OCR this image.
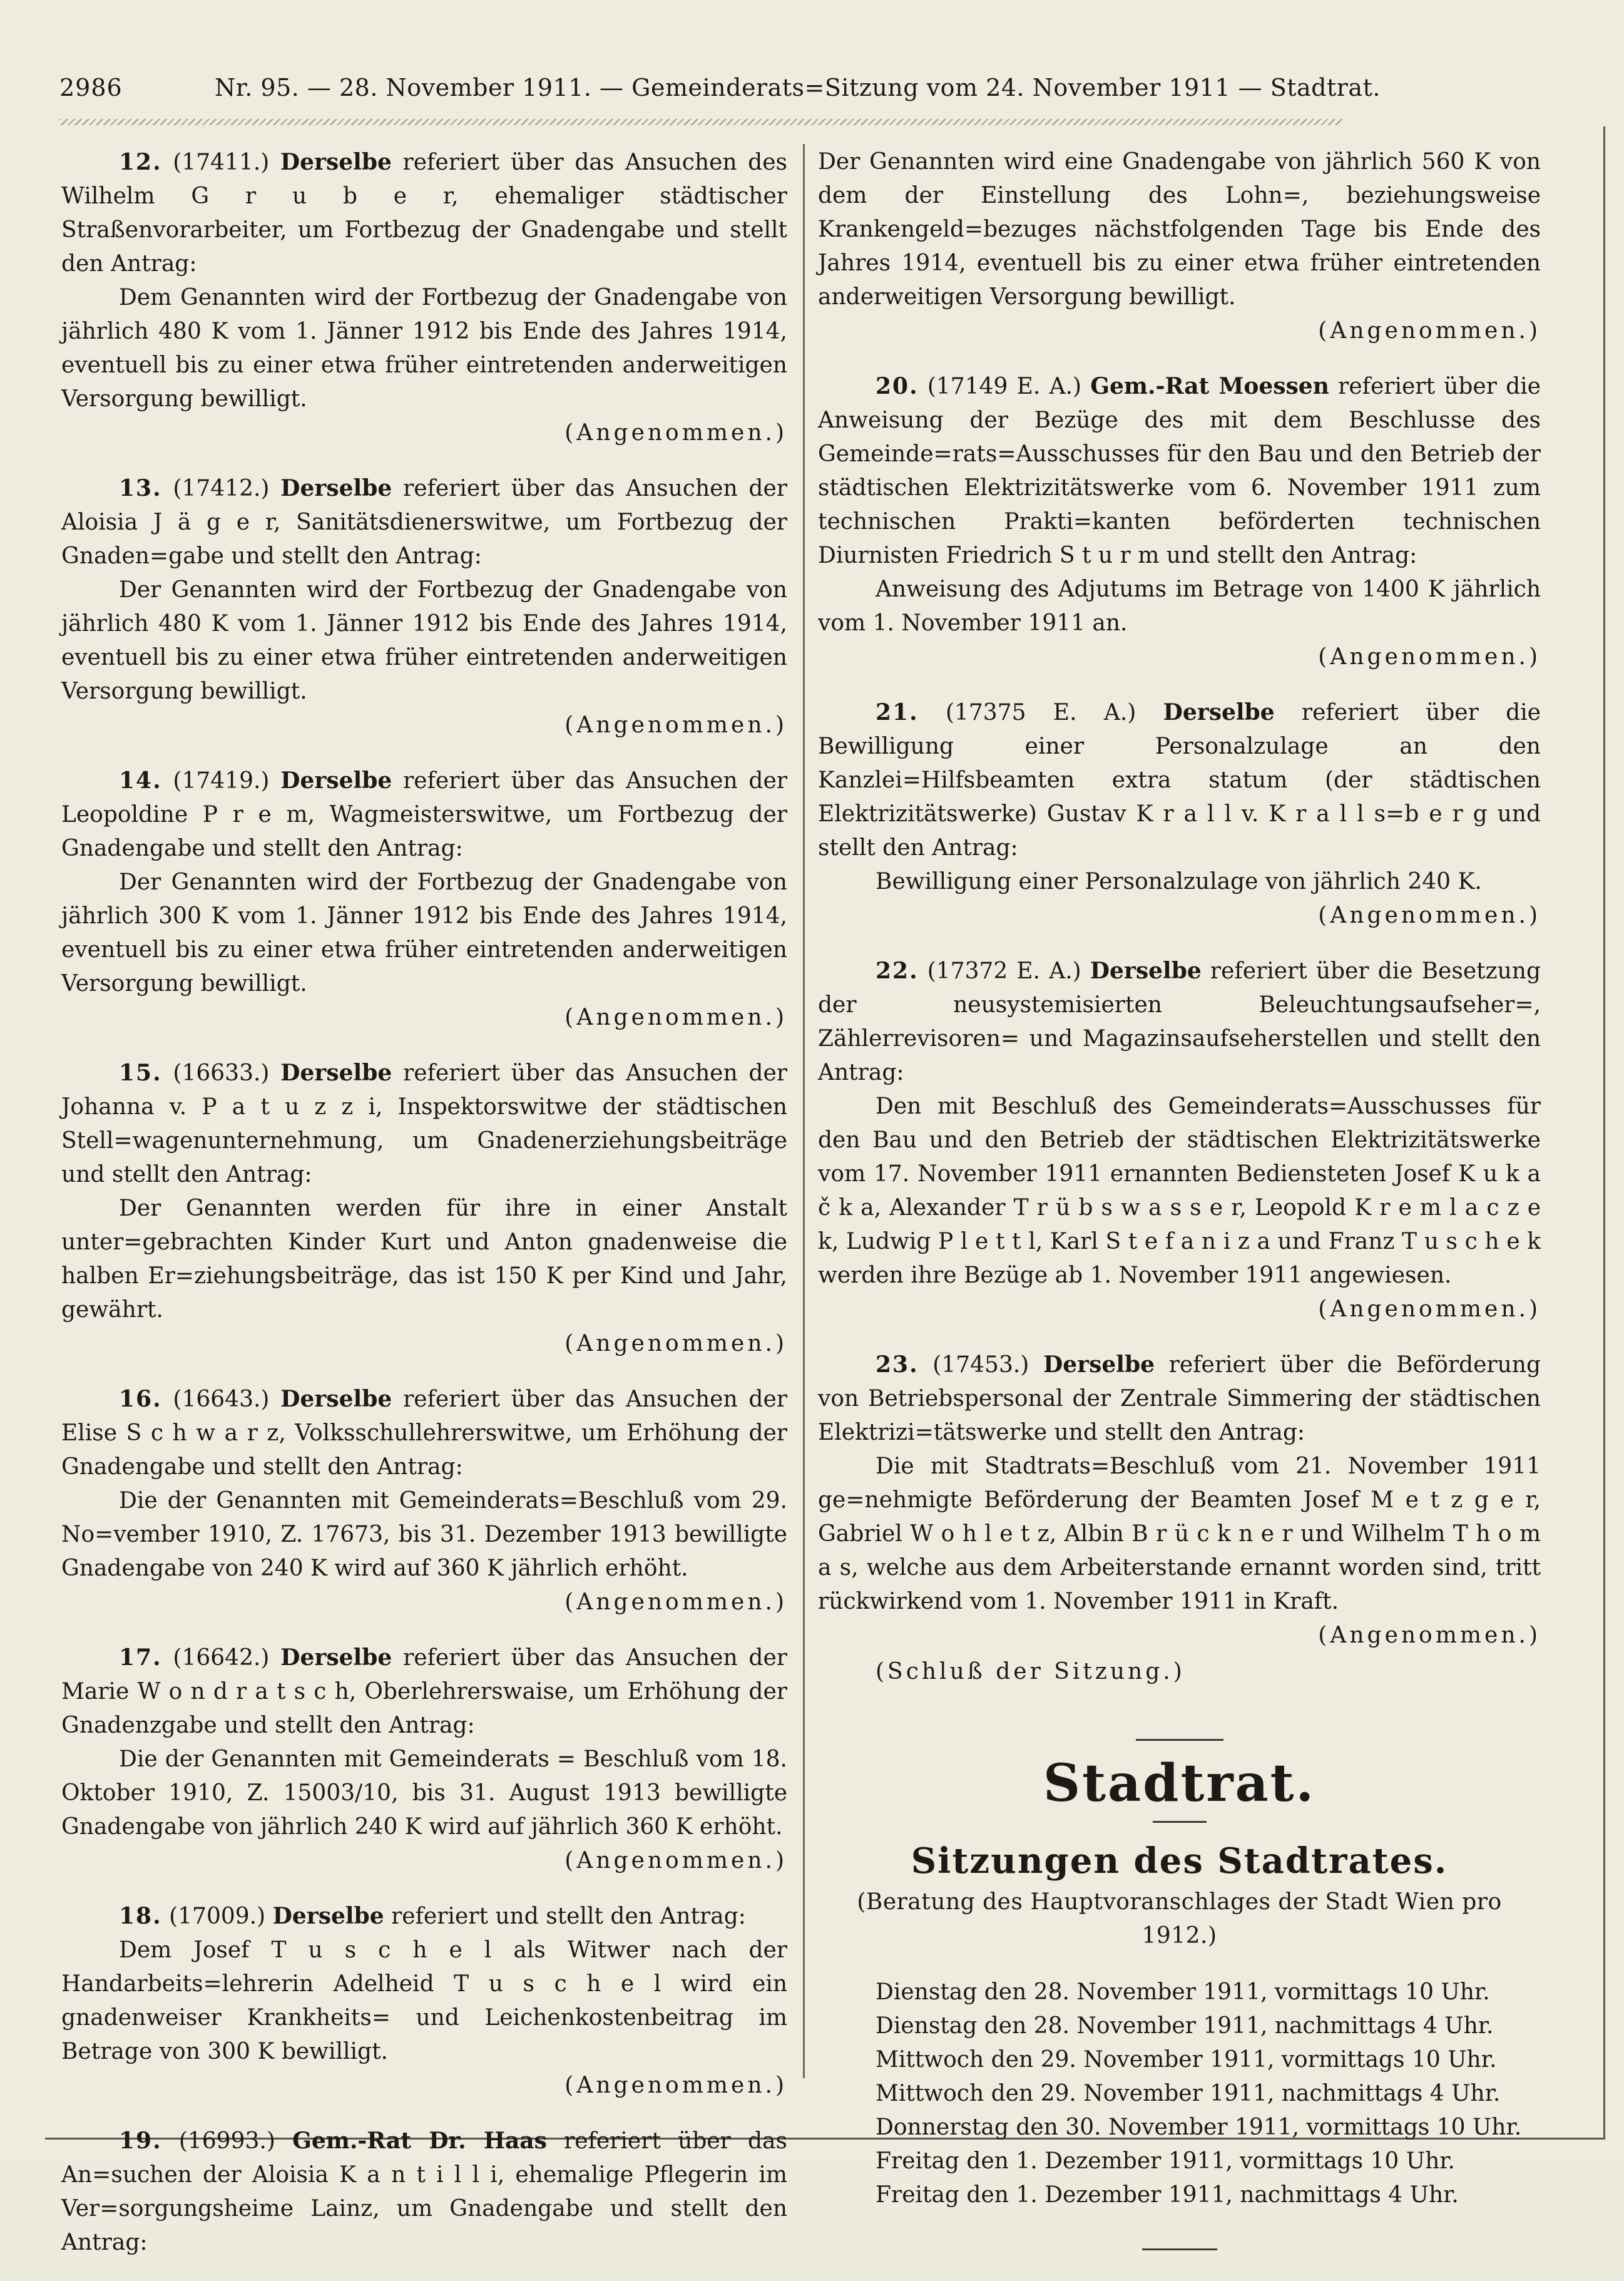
2986	Nr. 95. — 28. November 1911. — Gemeinderats=Sitzung vom 24. November 1911 — Stadtrat.

12. (17411.) Derselbe referiert über das Ansuchen des Wilhelm G r u b e r, ehemaliger städtischer Straßenvorarbeiter, um Fortbezug der Gnadengabe und stellt den Antrag:

Dem Genannten wird der Fortbezug der Gnadengabe von jährlich 480 K vom 1. Jänner 1912 bis Ende des Jahres 1914, eventuell bis zu einer etwa früher eintretenden anderweitigen Versorgung bewilligt.

(Angenommen.)

13. (17412.) Derselbe referiert über das Ansuchen der Aloisia J ä g e r, Sanitätsdienerswitwe, um Fortbezug der Gnaden=gabe und stellt den Antrag:

Der Genannten wird der Fortbezug der Gnadengabe von jährlich 480 K vom 1. Jänner 1912 bis Ende des Jahres 1914, eventuell bis zu einer etwa früher eintretenden anderweitigen Versorgung bewilligt.

(Angenommen.)

14. (17419.) Derselbe referiert über das Ansuchen der Leopoldine P r e m, Wagmeisterswitwe, um Fortbezug der Gnadengabe und stellt den Antrag:

Der Genannten wird der Fortbezug der Gnadengabe von jährlich 300 K vom 1. Jänner 1912 bis Ende des Jahres 1914, eventuell bis zu einer etwa früher eintretenden anderweitigen Versorgung bewilligt.

(Angenommen.)

15. (16633.) Derselbe referiert über das Ansuchen der Johanna v. P a t u z z i, Inspektorswitwe der städtischen Stell=wagenunternehmung, um Gnadenerziehungsbeiträge und stellt den Antrag:

Der Genannten werden für ihre in einer Anstalt unter=gebrachten Kinder Kurt und Anton gnadenweise die halben Er=ziehungsbeiträge, das ist 150 K per Kind und Jahr, gewährt.

(Angenommen.)

16. (16643.) Derselbe referiert über das Ansuchen der Elise S c h w a r z, Volksschullehrerswitwe, um Erhöhung der Gnadengabe und stellt den Antrag:

Die der Genannten mit Gemeinderats=Beschluß vom 29. No=vember 1910, Z. 17673, bis 31. Dezember 1913 bewilligte Gnadengabe von 240 K wird auf 360 K jährlich erhöht.

(Angenommen.)

17. (16642.) Derselbe referiert über das Ansuchen der Marie W o n d r a t s c h, Oberlehrerswaise, um Erhöhung der Gnadenzgabe und stellt den Antrag:

Die der Genannten mit Gemeinderats = Beschluß vom 18. Oktober 1910, Z. 15003/10, bis 31. August 1913 bewilligte Gnadengabe von jährlich 240 K wird auf jährlich 360 K erhöht.

(Angenommen.)

18. (17009.) Derselbe referiert und stellt den Antrag:

Dem Josef T u s c h e l als Witwer nach der Handarbeits=lehrerin Adelheid T u s c h e l wird ein gnadenweiser Krankheits= und Leichenkostenbeitrag im Betrage von 300 K bewilligt.

(Angenommen.)

19. (16993.) Gem.-Rat Dr. Haas referiert über das An=suchen der Aloisia K a n t i l l i, ehemalige Pflegerin im Ver=sorgungsheime Lainz, um Gnadengabe und stellt den Antrag:

Der Genannten wird eine Gnadengabe von jährlich 560 K von dem der Einstellung des Lohn=, beziehungsweise Krankengeld=bezuges nächstfolgenden Tage bis Ende des Jahres 1914, eventuell bis zu einer etwa früher eintretenden anderweitigen Versorgung bewilligt.

(Angenommen.)

20. (17149 E. A.) Gem.-Rat Moessen referiert über die Anweisung der Bezüge des mit dem Beschlusse des Gemeinde=rats=Ausschusses für den Bau und den Betrieb der städtischen Elektrizitätswerke vom 6. November 1911 zum technischen Prakti=kanten beförderten technischen Diurnisten Friedrich S t u r m und stellt den Antrag:

Anweisung des Adjutums im Betrage von 1400 K jährlich vom 1. November 1911 an.

(Angenommen.)

21. (17375 E. A.) Derselbe referiert über die Bewilligung einer Personalzulage an den Kanzlei=Hilfsbeamten extra statum (der städtischen Elektrizitätswerke) Gustav K r a l l v. K r a l l s=b e r g und stellt den Antrag:

Bewilligung einer Personalzulage von jährlich 240 K.

(Angenommen.)

22. (17372 E. A.) Derselbe referiert über die Besetzung der neusystemisierten Beleuchtungsaufseher=, Zählerrevisoren= und Magazinsaufseherstellen und stellt den Antrag:

Den mit Beschluß des Gemeinderats=Ausschusses für den Bau und den Betrieb der städtischen Elektrizitätswerke vom 17. November 1911 ernannten Bediensteten Josef K u k a č k a, Alexander T r ü b s w a s s e r, Leopold K r e m l a c z e k, Ludwig P l e t t l, Karl S t e f a n i z a und Franz T u s c h e k werden ihre Bezüge ab 1. November 1911 angewiesen.

(Angenommen.)

23. (17453.) Derselbe referiert über die Beförderung von Betriebspersonal der Zentrale Simmering der städtischen Elektrizi=tätswerke und stellt den Antrag:

Die mit Stadtrats=Beschluß vom 21. November 1911 ge=nehmigte Beförderung der Beamten Josef M e t z g e r, Gabriel W o h l e t z, Albin B r ü c k n e r und Wilhelm T h o m a s, welche aus dem Arbeiterstande ernannt worden sind, tritt rückwirkend vom 1. November 1911 in Kraft.

(Angenommen.)

(Schluß der Sitzung.)

Stadtrat.
Sitzungen des Stadtrates.

(Beratung des Hauptvoranschlages der Stadt Wien pro 1912.)

Dienstag den 28. November 1911, vormittags 10 Uhr.

Dienstag den 28. November 1911, nachmittags 4 Uhr.

Mittwoch den 29. November 1911, vormittags 10 Uhr.

Mittwoch den 29. November 1911, nachmittags 4 Uhr.

Donnerstag den 30. November 1911, vormittags 10 Uhr.

Freitag den 1. Dezember 1911, vormittags 10 Uhr.

Freitag den 1. Dezember 1911, nachmittags 4 Uhr.
